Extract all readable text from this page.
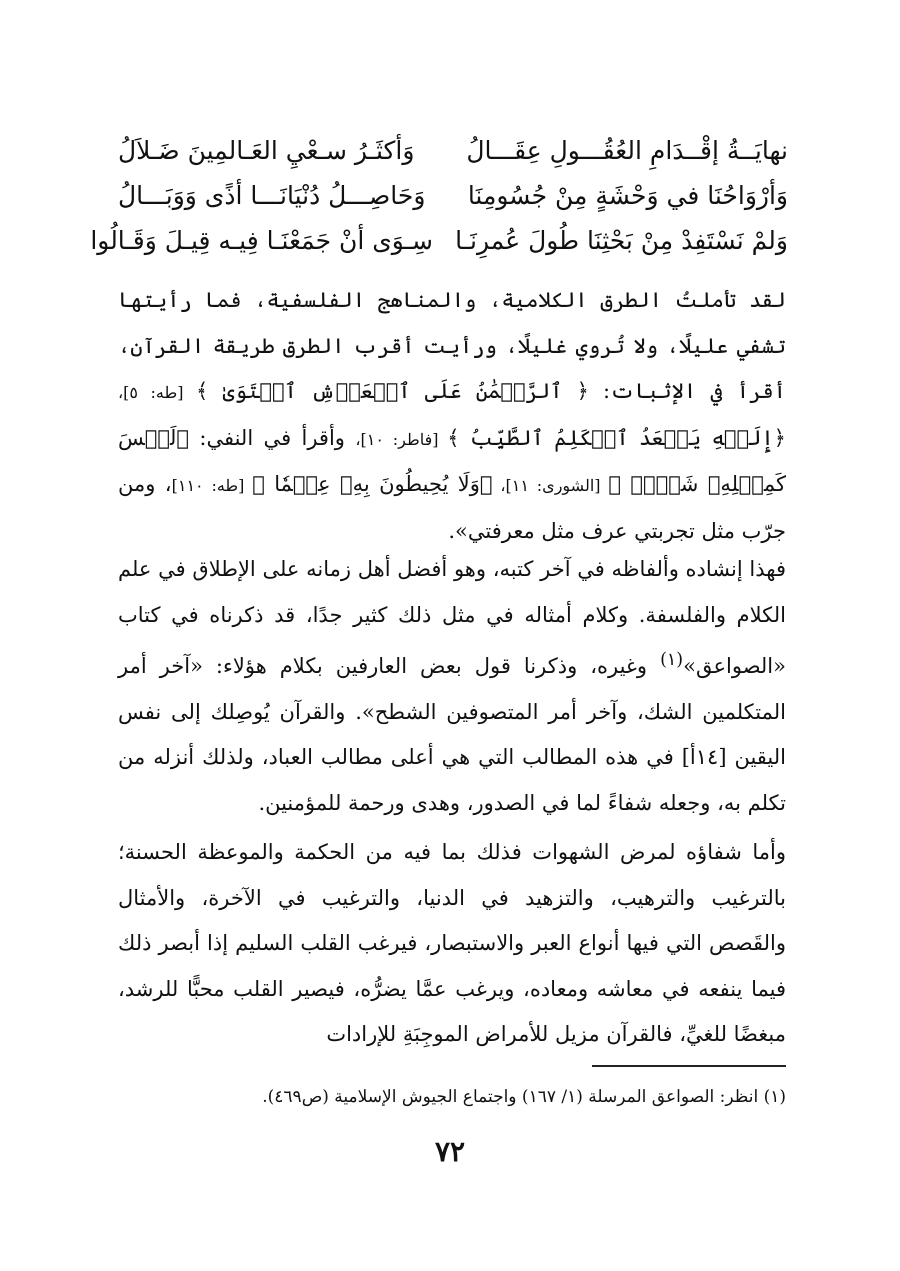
نهايَــةُ إقْــدَامِ العُقُـــولِ عِقَـــالُ
وَأكثَـرُ سـعْيِ العَـالمِينَ ضَـلاَلُ
وَأرْوَاحُنَا في وَحْشَةٍ مِنْ جُسُومِنَا
وَحَاصِـــلُ دُنْيَانَـــا أذًى وَوَبَـــالُ
وَلمْ نَسْتَفِدْ مِنْ بَحْثِنَا طُولَ عُمرِنَـا
سِـوَى أنْ جَمَعْنَـا فِيـه قِيـلَ وَقَـالُوا

لقد تأملتُ الطرق الكلامية، والمناهج الفلسفية، فما رأيتها تشفي عليلًا، ولا تُروي غليلًا، ورأيت أقرب الطرق طريقة القرآن، أقرأ في الإثبات: ﴿ ٱلرَّحۡمَٰنُ عَلَى ٱلۡعَرۡشِ ٱسۡتَوَىٰ ﴾ [طه: ٥]، ﴿إِلَيۡهِ يَصۡعَدُ ٱلۡكَلِمُ ٱلطَّيِّبُ ﴾ [فاطر: ١٠]، وأقرأ في النفي: ﴿لَيۡسَ كَمِثۡلِهِۦ شَيۡءٞ ﴾ [الشورى: ١١]، ﴿وَلَا يُحِيطُونَ بِهِۦ عِلۡمٗا ﴾ [طه: ١١٠]، ومن جرّب مثل تجربتي عرف مثل معرفتي».

فهذا إنشاده وألفاظه في آخر كتبه، وهو أفضل أهل زمانه على الإطلاق في علم الكلام والفلسفة. وكلام أمثاله في مثل ذلك كثير جدًا، قد ذكرناه في كتاب «الصواعق»$^{(١)}$ وغيره، وذكرنا قول بعض العارفين بكلام هؤلاء: «آخر أمر المتكلمين الشك، وآخر أمر المتصوفين الشطح». والقرآن يُوصِلك إلى نفس اليقين [١٤أ] في هذه المطالب التي هي أعلى مطالب العباد، ولذلك أنزله من تكلم به، وجعله شفاءً لما في الصدور، وهدى ورحمة للمؤمنين.

وأما شفاؤه لمرض الشهوات فذلك بما فيه من الحكمة والموعظة الحسنة؛ بالترغيب والترهيب، والتزهيد في الدنيا، والترغيب في الآخرة، والأمثال والقَصص التي فيها أنواع العبر والاستبصار، فيرغب القلب السليم إذا أبصر ذلك فيما ينفعه في معاشه ومعاده، ويرغب عمَّا يضرُّه، فيصير القلب محبًّا للرشد، مبغضًا للغيِّ، فالقرآن مزيل للأمراض الموجِبَةِ للإرادات

(١) انظر: الصواعق المرسلة (١/ ١٦٧) واجتماع الجيوش الإسلامية (ص٤٦٩).
٧٢
